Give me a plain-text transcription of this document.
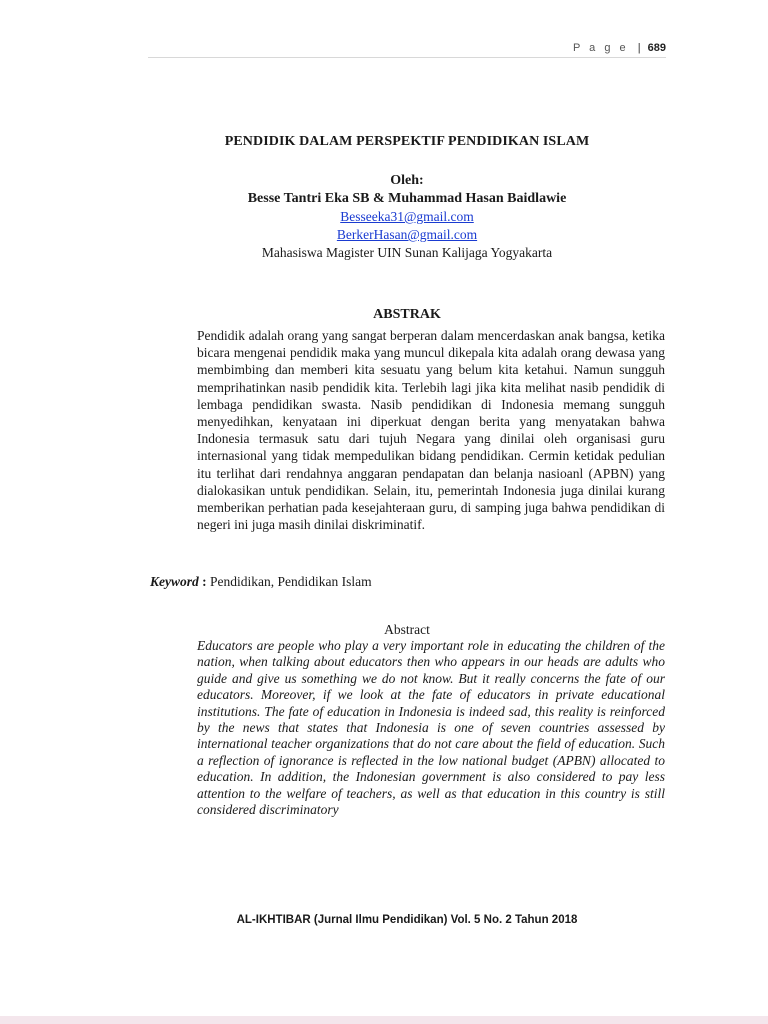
P a g e | 689
PENDIDIK DALAM PERSPEKTIF PENDIDIKAN ISLAM
Oleh:
Besse Tantri Eka SB & Muhammad Hasan Baidlawie
Besseeka31@gmail.com
BerkerHasan@gmail.com
Mahasiswa Magister UIN Sunan Kalijaga Yogyakarta
ABSTRAK

Pendidik adalah orang yang sangat berperan dalam mencerdaskan anak bangsa, ketika bicara mengenai pendidik maka yang muncul dikepala kita adalah orang dewasa yang membimbing dan memberi kita sesuatu yang belum kita ketahui. Namun sungguh memprihatinkan nasib pendidik kita. Terlebih lagi jika kita melihat nasib pendidik di lembaga pendidikan swasta. Nasib pendidikan di Indonesia memang sungguh menyedihkan, kenyataan ini diperkuat dengan berita yang menyatakan bahwa Indonesia termasuk satu dari tujuh Negara yang dinilai oleh organisasi guru internasional yang tidak mempedulikan bidang pendidikan. Cermin ketidak pedulian itu terlihat dari rendahnya anggaran pendapatan dan belanja nasioanl (APBN) yang dialokasikan untuk pendidikan. Selain, itu, pemerintah Indonesia juga dinilai kurang memberikan perhatian pada kesejahteraan guru, di samping juga bahwa pendidikan di negeri ini juga masih dinilai diskriminatif.

Keyword : Pendidikan, Pendidikan Islam
Abstract

Educators are people who play a very important role in educating the children of the nation, when talking about educators then who appears in our heads are adults who guide and give us something we do not know. But it really concerns the fate of our educators. Moreover, if we look at the fate of educators in private educational institutions. The fate of education in Indonesia is indeed sad, this reality is reinforced by the news that states that Indonesia is one of seven countries assessed by international teacher organizations that do not care about the field of education. Such a reflection of ignorance is reflected in the low national budget (APBN) allocated to education. In addition, the Indonesian government is also considered to pay less attention to the welfare of teachers, as well as that education in this country is still considered discriminatory

AL-IKHTIBAR (Jurnal Ilmu Pendidikan) Vol. 5 No. 2 Tahun 2018
